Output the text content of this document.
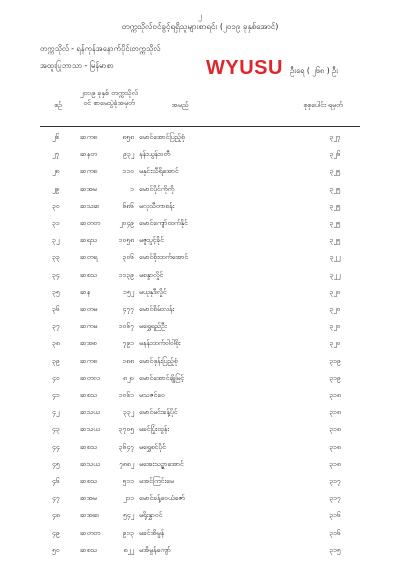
၂
တက္ကသိုလ်ဝင်ခွင့်ရရှိသူများစာရင်း (၂၀၁၉ ခုနှစ်အောင်)
တက္ကသိုလ် - ရန်ကုန်အနောက်ပိုင်းတက္ကသိုလ်
အထူးပြုဘာသာ - မြန်မာစာ	WYUSU ဦးရေ ( ၂၆၈ ) ဦး
စဉ်
၂၀၁၉ ခုနှစ် တက္ကသိုလ်ဝင် စာမေးပွဲခုံအမှတ်	အမည်	စုစုပေါင်း ရမှတ်
၂၆	ဆကစ	၈၅၈ မောင်အောင်ပြည့်စုံ	၃၂၇
၂၇	ဆနတ	၉၃၂ နန်းယွန်းဝတီ	၃၂၆
၂၈	ဆကစ	၁၁၀ မနှင်းသီရိအောင်	၃၂၅
၂၉	ဆအမ	၁ မောင်ပိုင်ကိုကို	၃၂၅
၃၀	ဆသဆ	၆၈၆ မလှသီတာစန်း	၃၂၅
၃၁	ဆတတ	၂၀၄၉ မောင်ကျော်ထက်နိုင်	၃၂၅
၃၂	ဆရသ	၁၀၅၈ မဇူးပွင့်ခိုင်	၃၂၅
၃၃	ဆတရ	၃၀၆ မောင်စိုးထက်အောင်	၃၂၂
၃၄	ဆစသ	၁၁၃၉ မစန္ဒာလှိုင်	၃၂၂
၃၅	ဆန	၁၅၂ မယုနုဒီလှိုင်	၃၂၀
၃၆	ဆတမ	၄၇၇ မောင်စိမ်းလန်း	၃၂၀
၃၇	ဆကမ	၁၀၆၇ မရွှေရည်ဦး	၃၂၀
၃၈	ဆအစ	၇၉၁ မနန်းထက်ဝါဝါစိုး	၃၂၀
၃၉	ဆကစ	၁၈၈ မောင်ဖုန်းပြည့်စုံ	၃၁၉
၄၀	ဆတလ	၈၂၀ မောင်အောင်ချိုမြင့်	၃၁၉
၄၁	ဆစသ	၁၀၆၁ မသဇင်ဝေ	၃၁၈
၄၂	ဆသယ	၃၃၂ မောင်မင်းခန့်ပိုင်	၃၁၈
၄၃	ဆသယ	၃၇၀၅ မခင်ပြုံးထွန်း	၃၁၈
၄၄	ဆစသ	၃၆၄၇ မရွှေစင်ပိုင်	၃၁၈
၄၅	ဆသယ	၇၈၈၂ မအေးသဉ္ဇာအောင်	၃၁၈
၄၆	ဆစသ	၅၁၁ မအင်ကြင်းမေ	၃၁၇
၄၇	ဆအမ	၂၁၁ မောင်ခန့်ဝေယံဇော်	၃၁၇
၄၈	ဆအဆ	၅၄၂ မရိုးနွှာဝင်	၃၁၆
၄၉	ဆတတ	၉၁၃ မခင်အိမွန်	၃၁၆
၅၀	ဆစသ	၈၂၂ မအိမွန်ကျော်	၃၁၅
